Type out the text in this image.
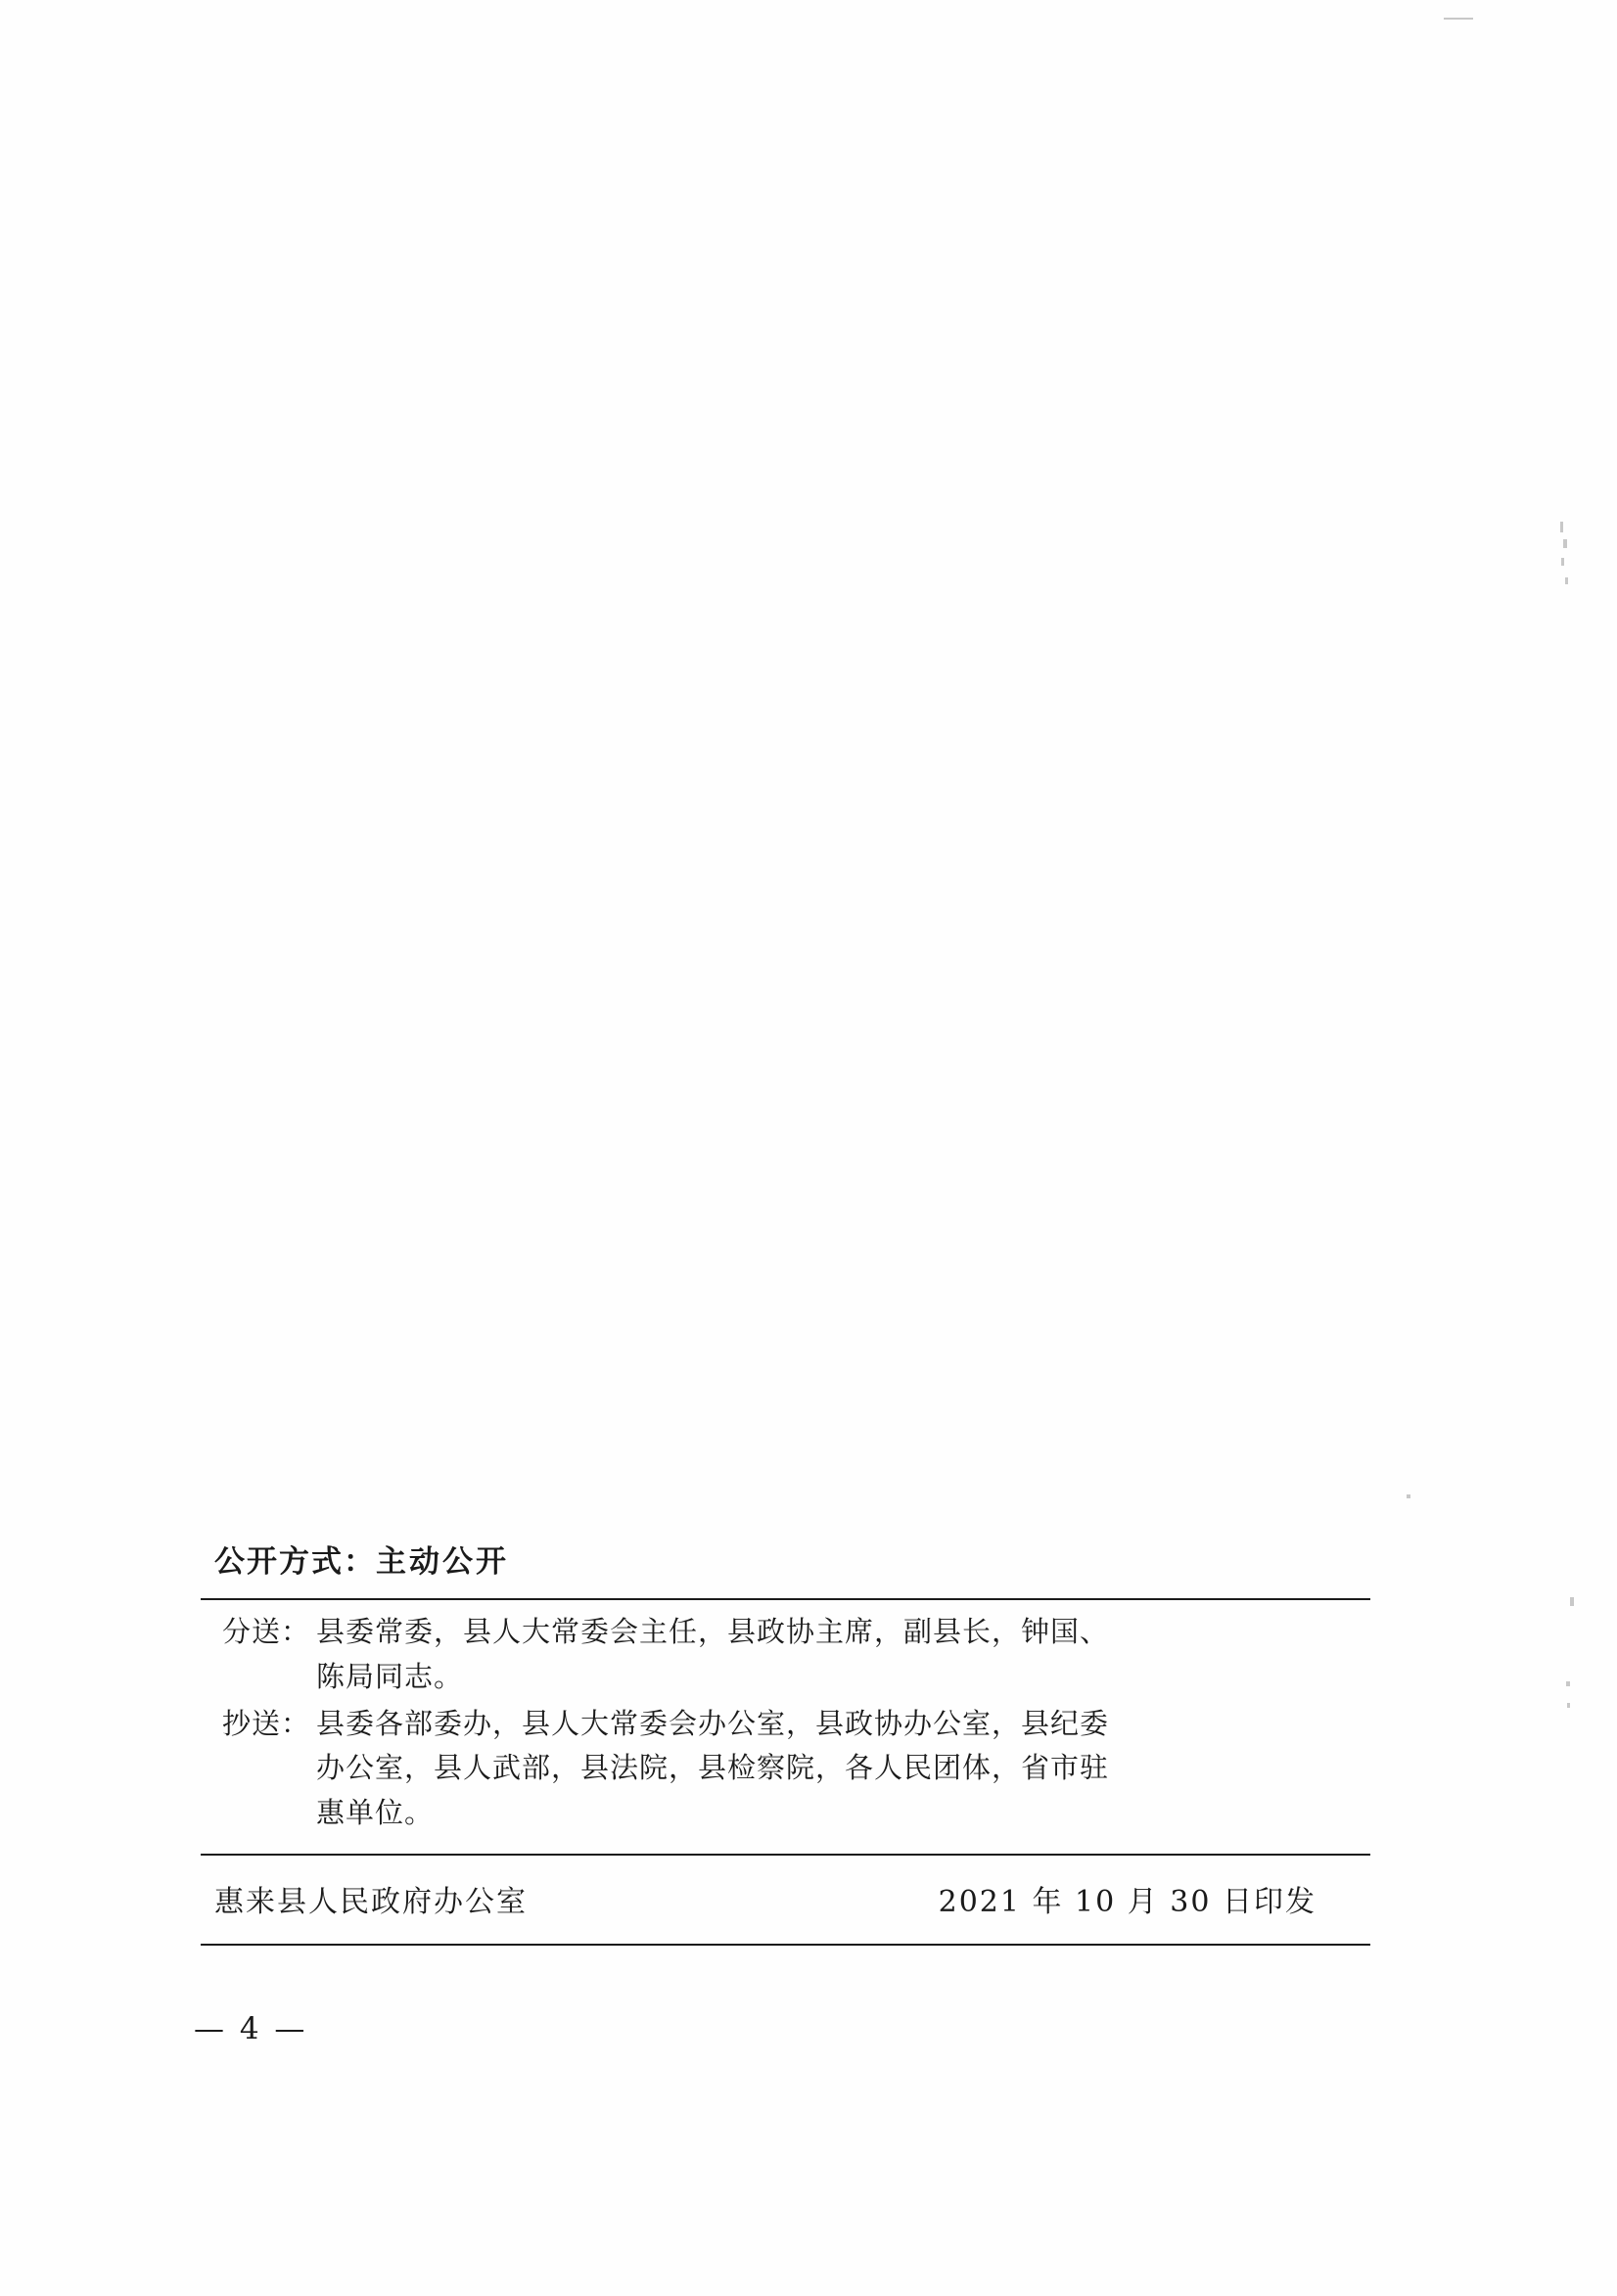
公开方式：主动公开
分送： 县委常委，县人大常委会主任，县政协主席，副县长，钟国、
陈局同志。
抄送： 县委各部委办，县人大常委会办公室，县政协办公室，县纪委
办公室，县人武部，县法院，县检察院，各人民团体，省市驻
惠单位。
惠来县人民政府办公室	2021 年 10 月 30 日印发
— 4 —
